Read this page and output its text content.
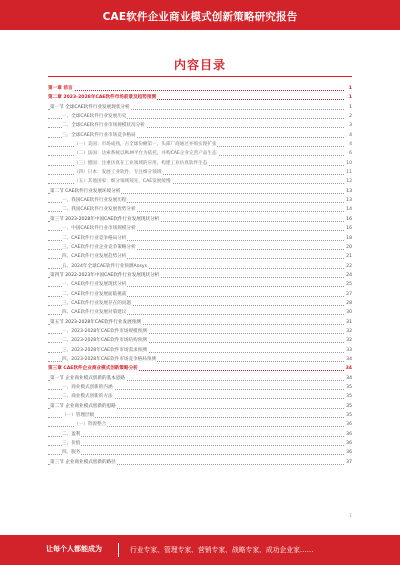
CAE软件企业商业模式创新策略研究报告
内容目录
第一章 前言	1
第二章 2023-2028年CAE软件市场前景及趋势预测	1
第一节 全球CAE软件行业发展现状分析	1
一、全球CAE软件行业发展历史	2
二、全球CAE软件行业市场规模状况分析	3
三、全球CAE软件行业市场竞争格局	4
（一）美国：市场成熟，占全球份额第一，头部厂商通过并购实现扩张	4
（二）法国：达索系统以PLM平台为依托，并购CAE企业完善产品生态	6
（三）德国：注重仿真在工业领域的应用，构建工业仿真软件生态	10
（四）日本：发展工业软件，专注细分领域	11
（五）其他国家：细分领域领先，CAE发展缓慢	12
第二节 CAE软件行业发展环境分析	13
一、我国CAE软件行业发展历程	13
二、我国CAE软件行业发展优势分析	14
第三节 2023-2028年中国CAE软件行业发展现状分析	16
一、中国CAE软件行业市场规模分析	16
二、CAE软件行业竞争格局分析	18
三、CAE软件行业企业竞争策略分析	20
四、CAE软件行业发展趋势分析	21
五、2024年全球CAE软件行业预测Ansys	22
第四节 2022-2023年中国CAE软件行业发展现状分析	24
一、CAE软件行业发展现状分析	25
二、CAE软件行业发展面临挑战	27
三、CAE软件行业发展存在的问题	28
四、CAE软件行业发展对策建议	30
第五节 2023-2028年CAE软件行业发展预测	31
一、2023-2028年CAE软件市场规模预测	32
二、2023-2028年CAE软件市场结构预测	32
三、2023-2028年CAE软件市场需求预测	33
四、2023-2028年CAE软件市场竞争格局预测	34
第三章 CAE软件企业商业模式创新策略分析	34
第一节 企业商业模式创新的基本思路	34
一、商业模式创新的内涵	35
二、商业模式创新的方法	35
第二节 企业商业模式创新的思路	35
（一）管理层级	35
（一）资源整合	36
二、盈利	36
三、价值	36
四、服务	36
第三节 企业商业模式创新的路径	37
1
让每个人都能成为	行业专家、管理专家、营销专家、战略专家、成功企业家……
